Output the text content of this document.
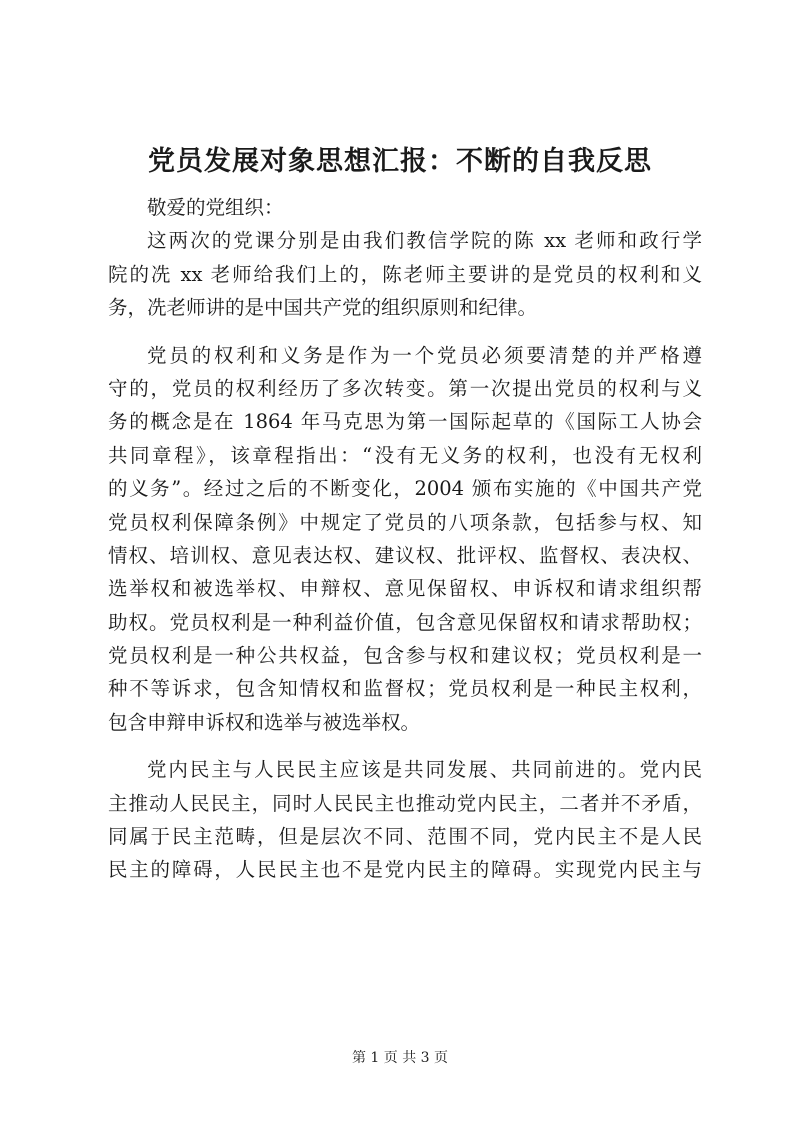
党员发展对象思想汇报：不断的自我反思
敬爱的党组织：
这两次的党课分别是由我们教信学院的陈 xx 老师和政行学
院的冼 xx 老师给我们上的，陈老师主要讲的是党员的权利和义
务，冼老师讲的是中国共产党的组织原则和纪律。
党员的权利和义务是作为一个党员必须要清楚的并严格遵
守的，党员的权利经历了多次转变。第一次提出党员的权利与义
务的概念是在 1864 年马克思为第一国际起草的《国际工人协会
共同章程》，该章程指出：“没有无义务的权利，也没有无权利
的义务”。经过之后的不断变化，2004 颁布实施的《中国共产党
党员权利保障条例》中规定了党员的八项条款，包括参与权、知
情权、培训权、意见表达权、建议权、批评权、监督权、表决权、
选举权和被选举权、申辩权、意见保留权、申诉权和请求组织帮
助权。党员权利是一种利益价值，包含意见保留权和请求帮助权；
党员权利是一种公共权益，包含参与权和建议权；党员权利是一
种不等诉求，包含知情权和监督权；党员权利是一种民主权利，
包含申辩申诉权和选举与被选举权。
党内民主与人民民主应该是共同发展、共同前进的。党内民
主推动人民民主，同时人民民主也推动党内民主，二者并不矛盾，
同属于民主范畴，但是层次不同、范围不同，党内民主不是人民
民主的障碍，人民民主也不是党内民主的障碍。实现党内民主与
第 1 页 共 3 页
